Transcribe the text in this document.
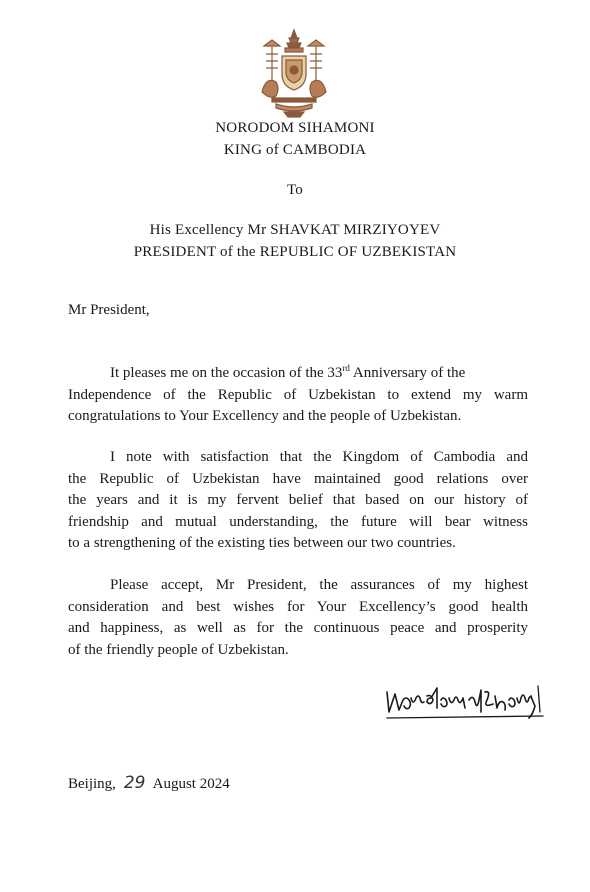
NORODOM SIHAMONI
KING of CAMBODIA
To
His Excellency Mr SHAVKAT MIRZIYOYEV
PRESIDENT of the REPUBLIC OF UZBEKISTAN
Mr President,

It pleases me on the occasion of the 33rd Anniversary of the

Independence of the Republic of Uzbekistan to extend my warm
congratulations to Your Excellency and the people of Uzbekistan.
I note with satisfaction that the Kingdom of Cambodia and
the Republic of Uzbekistan have maintained good relations over
the years and it is my fervent belief that based on our history of
friendship and mutual understanding, the future will bear witness
to a strengthening of the existing ties between our two countries.
Please accept, Mr President, the assurances of my highest
consideration and best wishes for Your Excellency’s good health
and happiness, as well as for the continuous peace and prosperity
of the friendly people of Uzbekistan.
Beijing, 29 August 2024
